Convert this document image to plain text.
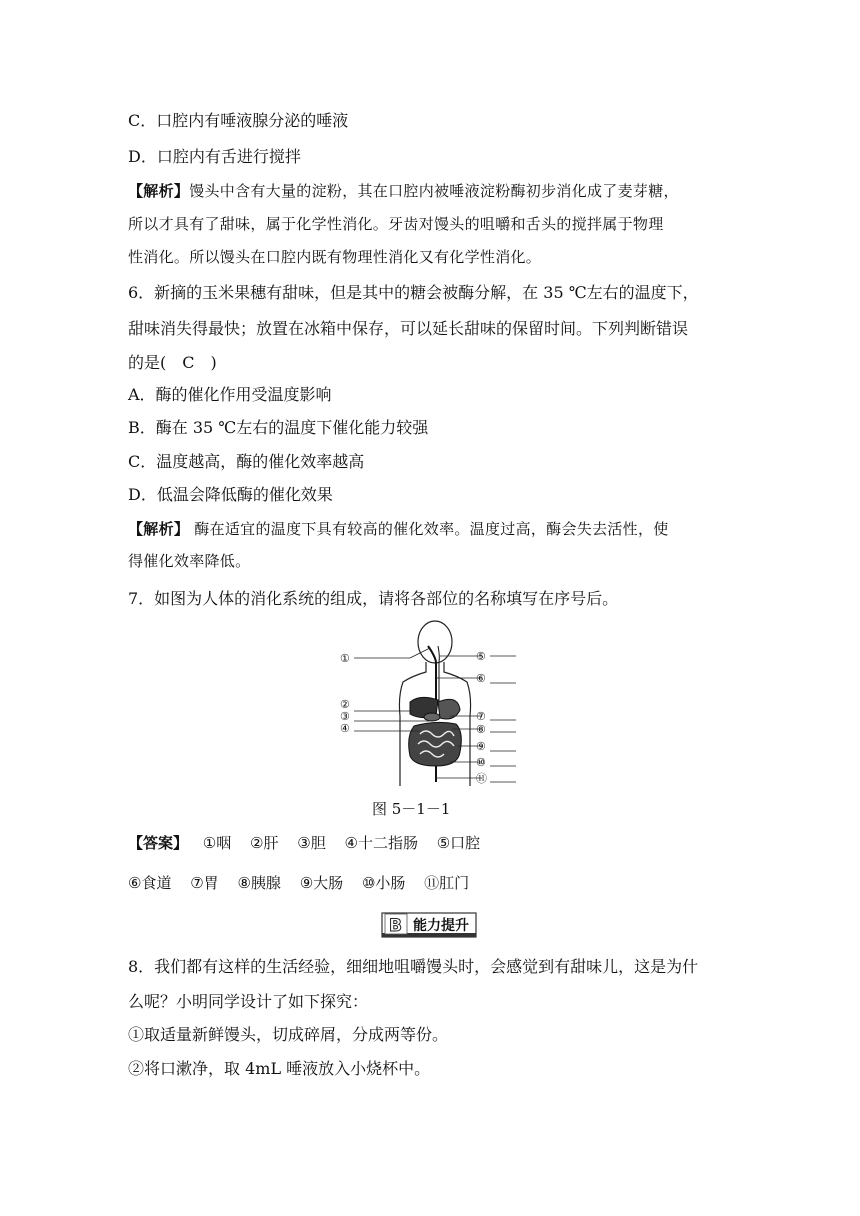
C．口腔内有唾液腺分泌的唾液
D．口腔内有舌进行搅拌
【解析】馒头中含有大量的淀粉，其在口腔内被唾液淀粉酶初步消化成了麦芽糖，
所以才具有了甜味，属于化学性消化。牙齿对馒头的咀嚼和舌头的搅拌属于物理
性消化。所以馒头在口腔内既有物理性消化又有化学性消化。
6．新摘的玉米果穗有甜味，但是其中的糖会被酶分解，在 35 ℃左右的温度下，
甜味消失得最快；放置在冰箱中保存，可以延长甜味的保留时间。下列判断错误
的是(　C　)
A．酶的催化作用受温度影响
B．酶在 35 ℃左右的温度下催化能力较强
C．温度越高，酶的催化效率越高
D．低温会降低酶的催化效果
【解析】 酶在适宜的温度下具有较高的催化效率。温度过高，酶会失去活性，使
得催化效率降低。
7．如图为人体的消化系统的组成，请将各部位的名称填写在序号后。
①
②
③
④
⑤
⑥
⑦
⑧
⑨
⑩
⑪
图 5－1－1
【答案】 ①咽 ②肝 ③胆 ④十二指肠 ⑤口腔
⑥食道 ⑦胃 ⑧胰腺 ⑨大肠 ⑩小肠 ⑪肛门
B 能力提升
8．我们都有这样的生活经验，细细地咀嚼馒头时，会感觉到有甜味儿，这是为什
么呢？小明同学设计了如下探究：
①取适量新鲜馒头，切成碎屑，分成两等份。
②将口漱净，取 4mL 唾液放入小烧杯中。
